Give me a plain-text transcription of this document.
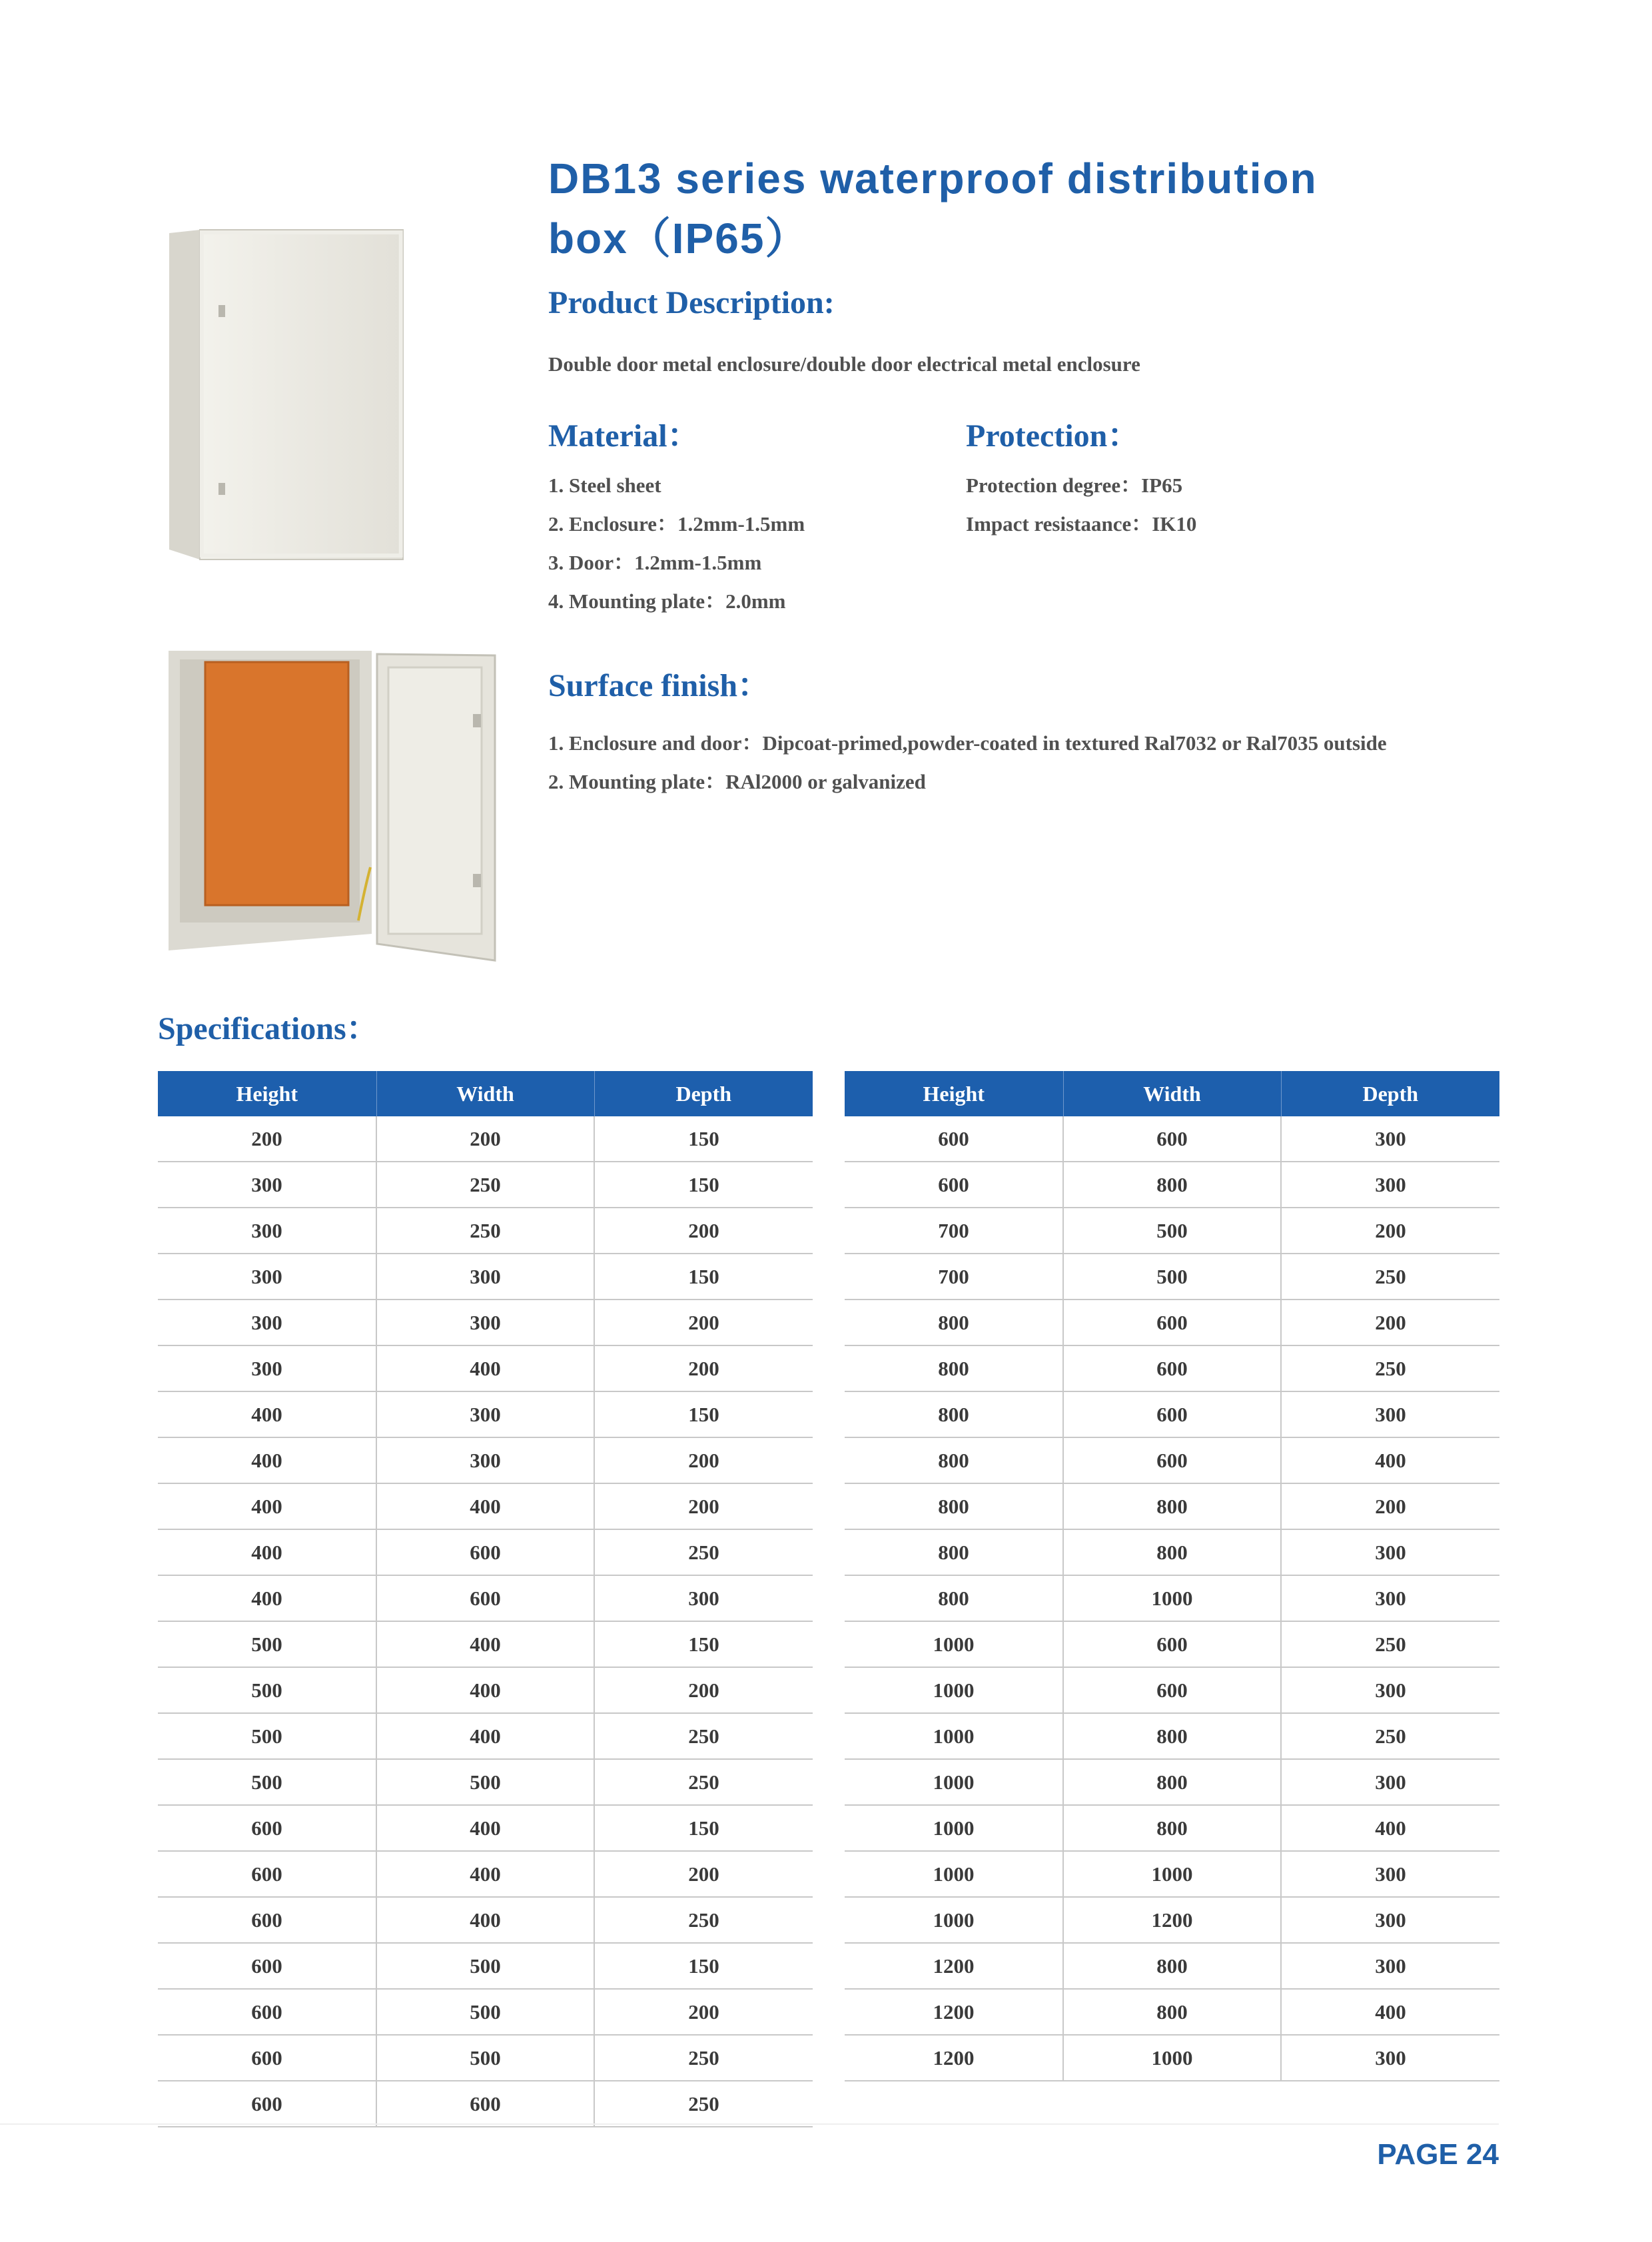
DB13 series waterproof distribution
box（IP65）
Product Description:
Double door metal enclosure/double door electrical metal enclosure
Material：
1. Steel sheet
2. Enclosure：1.2mm-1.5mm
3. Door：1.2mm-1.5mm
4. Mounting plate：2.0mm
Protection：
Protection degree：IP65
Impact resistaance：IK10
Surface finish：
1. Enclosure and door：Dipcoat-primed,powder-coated in textured Ral7032 or Ral7035 outside
2. Mounting plate：RAl2000 or galvanized
Specifications：
Height	Width	Depth
200	200	150
300	250	150
300	250	200
300	300	150
300	300	200
300	400	200
400	300	150
400	300	200
400	400	200
400	600	250
400	600	300
500	400	150
500	400	200
500	400	250
500	500	250
600	400	150
600	400	200
600	400	250
600	500	150
600	500	200
600	500	250
600	600	250
Height	Width	Depth
600	600	300
600	800	300
700	500	200
700	500	250
800	600	200
800	600	250
800	600	300
800	600	400
800	800	200
800	800	300
800	1000	300
1000	600	250
1000	600	300
1000	800	250
1000	800	300
1000	800	400
1000	1000	300
1000	1200	300
1200	800	300
1200	800	400
1200	1000	300
PAGE 24
